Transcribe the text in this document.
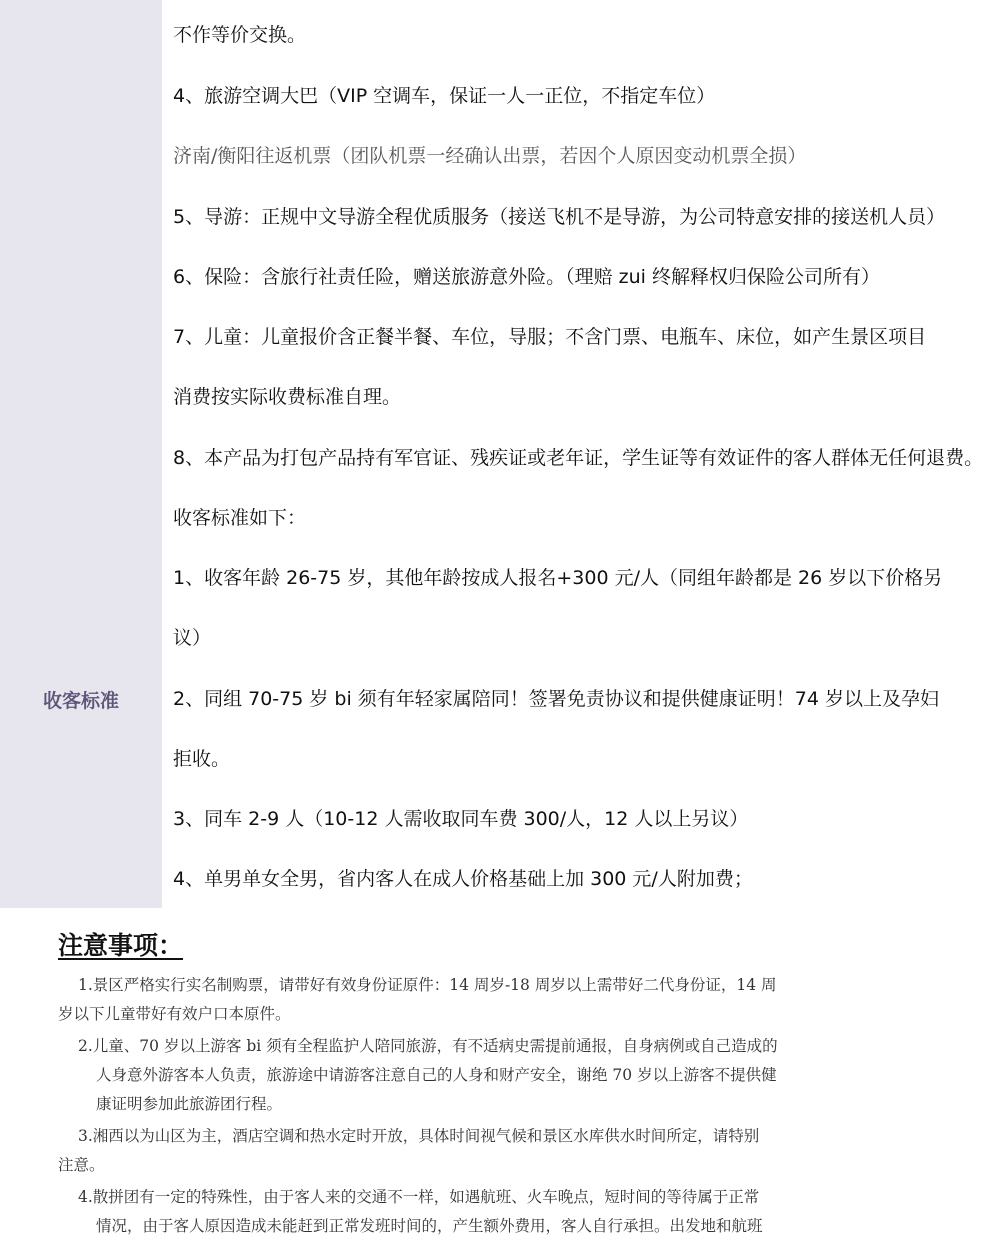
收客标准
不作等价交换。
4、旅游空调大巴（VIP 空调车，保证一人一正位，不指定车位）
济南/衡阳往返机票（团队机票一经确认出票，若因个人原因变动机票全损）
5、导游：正规中文导游全程优质服务（接送飞机不是导游，为公司特意安排的接送机人员）
6、保险：含旅行社责任险，赠送旅游意外险。（理赔 zui 终解释权归保险公司所有）
7、儿童：儿童报价含正餐半餐、车位，导服；不含门票、电瓶车、床位，如产生景区项目
消费按实际收费标准自理。
8、本产品为打包产品持有军官证、残疾证或老年证，学生证等有效证件的客人群体无任何退费。
收客标准如下：
1、收客年龄 26-75 岁，其他年龄按成人报名+300 元/人（同组年龄都是 26 岁以下价格另
议）
2、同组 70-75 岁 bi 须有年轻家属陪同！签署免责协议和提供健康证明！74 岁以上及孕妇
拒收。
3、同车 2-9 人（10-12 人需收取同车费 300/人，12 人以上另议）
4、单男单女全男，省内客人在成人价格基础上加 300 元/人附加费；
注意事项：
1.景区严格实行实名制购票，请带好有效身份证原件：14 周岁-18 周岁以上需带好二代身份证，14 周
岁以下儿童带好有效户口本原件。
2.儿童、70 岁以上游客 bi 须有全程监护人陪同旅游，有不适病史需提前通报，自身病例或自己造成的
人身意外游客本人负责，旅游途中请游客注意自己的人身和财产安全，谢绝 70 岁以上游客不提供健
康证明参加此旅游团行程。
3.湘西以为山区为主，酒店空调和热水定时开放，具体时间视气候和景区水库供水时间所定，请特别
注意。
4.散拼团有一定的特殊性，由于客人来的交通不一样，如遇航班、火车晚点，短时间的等待属于正常
情况，由于客人原因造成未能赶到正常发班时间的，产生额外费用，客人自行承担。出发地和航班
